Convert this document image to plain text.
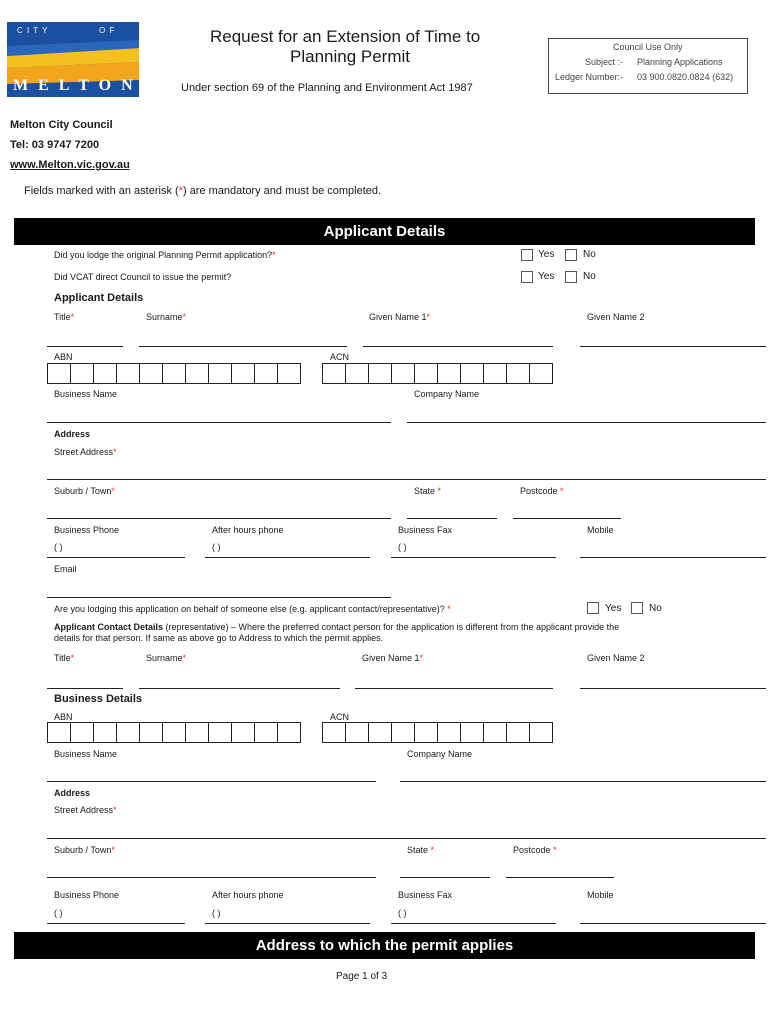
C I T Y	O F
M E L T O N
Request for an Extension of Time to
Planning Permit
Under section 69 of the Planning and Environment Act 1987
Council Use Only
Subject :- Planning Applications
Ledger Number:- 03 900.0820.0824 (632)
Melton City Council
Tel: 03 9747 7200
www.Melton.vic.gov.au
Fields marked with an asterisk (*) are mandatory and must be completed.
Applicant Details
Did you lodge the original Planning Permit application?*	Yes	No
Did VCAT direct Council to issue the permit?	Yes	No
Applicant Details
Title*	Surname*	Given Name 1*	Given Name 2
ABN	ACN
Business Name	Company Name
Address
Street Address*
Suburb / Town*	State *	Postcode *
Business Phone	After hours phone	Business Fax	Mobile
( )	( )	( )
Email
Are you lodging this application on behalf of someone else (e.g. applicant contact/representative)? *	Yes	No
Applicant Contact Details (representative) – Where the preferred contact person for the application is different from the applicant provide the
details for that person. If same as above go to Address to which the permit applies.
Title*	Surname*	Given Name 1*	Given Name 2
Business Details
ABN	ACN
Business Name	Company Name
Address
Street Address*
Suburb / Town*	State *	Postcode *
Business Phone	After hours phone	Business Fax	Mobile
( )	( )	( )
Address to which the permit applies
Page 1 of 3
